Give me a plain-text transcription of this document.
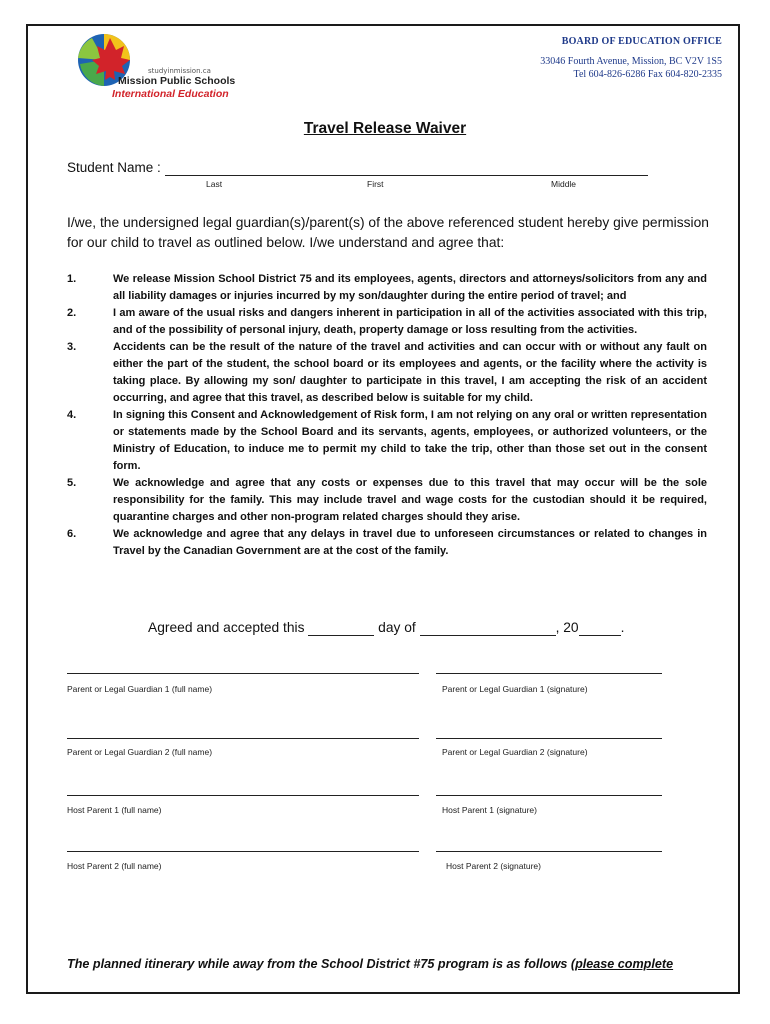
studyinmission.ca
Mission Public Schools
International Education
BOARD OF EDUCATION OFFICE
33046 Fourth Avenue, Mission, BC V2V 1S5
Tel 604-826-6286 Fax 604-820-2335
Travel Release Waiver
Student Name :
Last	First	Middle
I/we, the undersigned legal guardian(s)/parent(s) of the above referenced student hereby give permission for our child to travel as outlined below. I/we understand and agree that:
1.	We release Mission School District 75 and its employees, agents, directors and attorneys/solicitors from any and all liability damages or injuries incurred by my son/daughter during the entire period of travel; and
2.	I am aware of the usual risks and dangers inherent in participation in all of the activities associated with this trip, and of the possibility of personal injury, death, property damage or loss resulting from the activities.
3.	Accidents can be the result of the nature of the travel and activities and can occur with or without any fault on either the part of the student, the school board or its employees and agents, or the facility where the activity is taking place. By allowing my son/ daughter to participate in this travel, I am accepting the risk of an accident occurring, and agree that this travel, as described below is suitable for my child.
4.	In signing this Consent and Acknowledgement of Risk form, I am not relying on any oral or written representation or statements made by the School Board and its servants, agents, employees, or authorized volunteers, or the Ministry of Education, to induce me to permit my child to take the trip, other than those set out in the consent form.
5.	We acknowledge and agree that any costs or expenses due to this travel that may occur will be the sole responsibility for the family. This may include travel and wage costs for the custodian should it be required, quarantine charges and other non-program related charges should they arise.
6.	We acknowledge and agree that any delays in travel due to unforeseen circumstances or related to changes in Travel by the Canadian Government are at the cost of the family.
Agreed and accepted this	day of	, 20	.
Parent or Legal Guardian 1 (full name)	Parent or Legal Guardian 1 (signature)
Parent or Legal Guardian 2 (full name)	Parent or Legal Guardian 2 (signature)
Host Parent 1 (full name)	Host Parent 1 (signature)
Host Parent 2 (full name)	Host Parent 2 (signature)
The planned itinerary while away from the School District #75 program is as follows (please complete
